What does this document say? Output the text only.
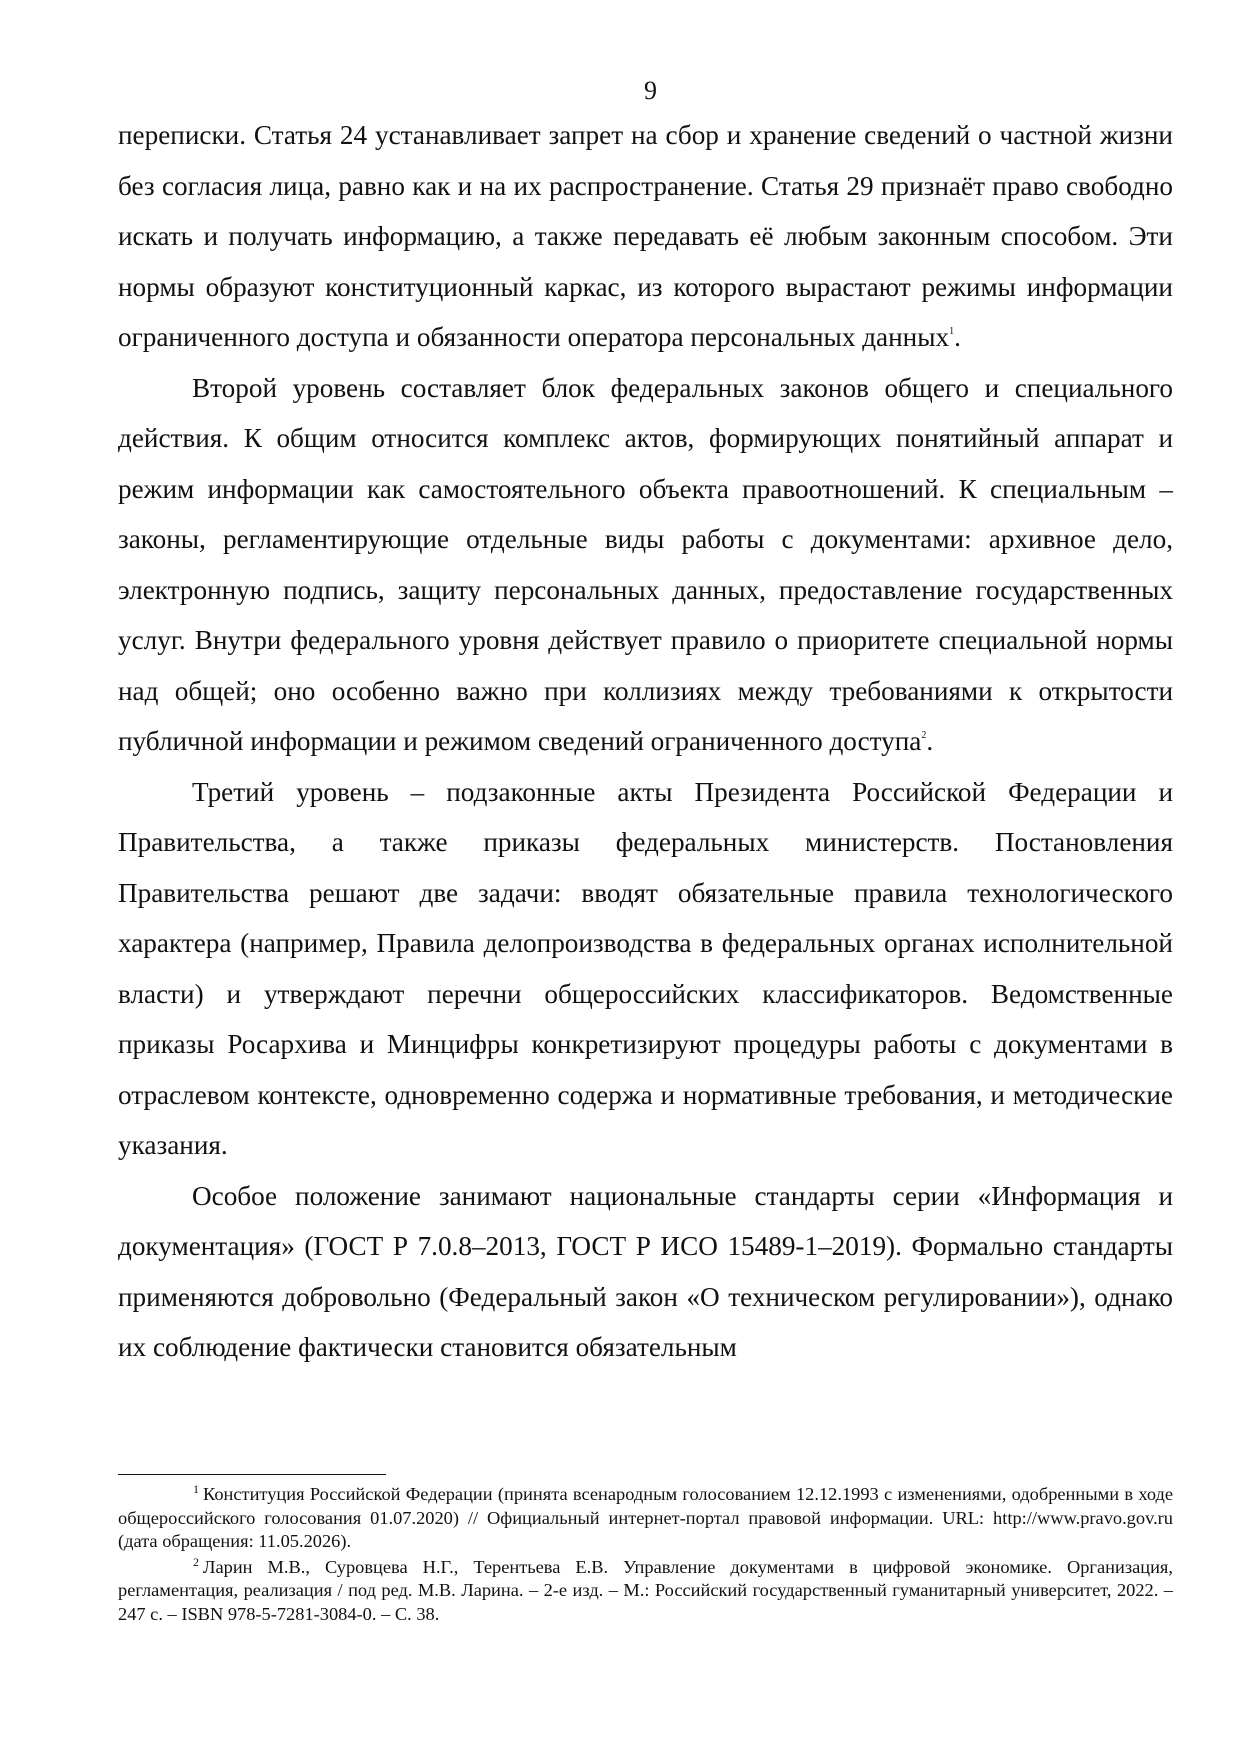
9

переписки. Статья 24 устанавливает запрет на сбор и хранение сведений о частной жизни без согласия лица, равно как и на их распространение. Статья 29 признаёт право свободно искать и получать информацию, а также передавать её любым законным способом. Эти нормы образуют конституционный каркас, из которого вырастают режимы информации ограниченного доступа и обязанности оператора персональных данных$^1$.

Второй уровень составляет блок федеральных законов общего и специального действия. К общим относится комплекс актов, формирующих понятийный аппарат и режим информации как самостоятельного объекта правоотношений. К специальным – законы, регламентирующие отдельные виды работы с документами: архивное дело, электронную подпись, защиту персональных данных, предоставление государственных услуг. Внутри федерального уровня действует правило о приоритете специальной нормы над общей; оно особенно важно при коллизиях между требованиями к открытости публичной информации и режимом сведений ограниченного доступа$^2$.

Третий уровень – подзаконные акты Президента Российской Федерации и Правительства, а также приказы федеральных министерств. Постановления Правительства решают две задачи: вводят обязательные правила технологического характера (например, Правила делопроизводства в федеральных органах исполнительной власти) и утверждают перечни общероссийских классификаторов. Ведомственные приказы Росархива и Минцифры конкретизируют процедуры работы с документами в отраслевом контексте, одновременно содержа и нормативные требования, и методические указания.

Особое положение занимают национальные стандарты серии «Информация и документация» (ГОСТ Р 7.0.8–2013, ГОСТ Р ИСО 15489-1–2019). Формально стандарты применяются добровольно (Федеральный закон «О техническом регулировании»), однако их соблюдение фактически становится обязательным

$^1$ Конституция Российской Федерации (принята всенародным голосованием 12.12.1993 с изменениями, одобренными в ходе общероссийского голосования 01.07.2020) // Официальный интернет-портал правовой информации. URL: http://www.pravo.gov.ru (дата обращения: 11.05.2026).

$^2$ Ларин М.В., Суровцева Н.Г., Терентьева Е.В. Управление документами в цифровой экономике. Организация, регламентация, реализация / под ред. М.В. Ларина. – 2-е изд. – М.: Российский государственный гуманитарный университет, 2022. – 247 с. – ISBN 978-5-7281-3084-0. – С. 38.
